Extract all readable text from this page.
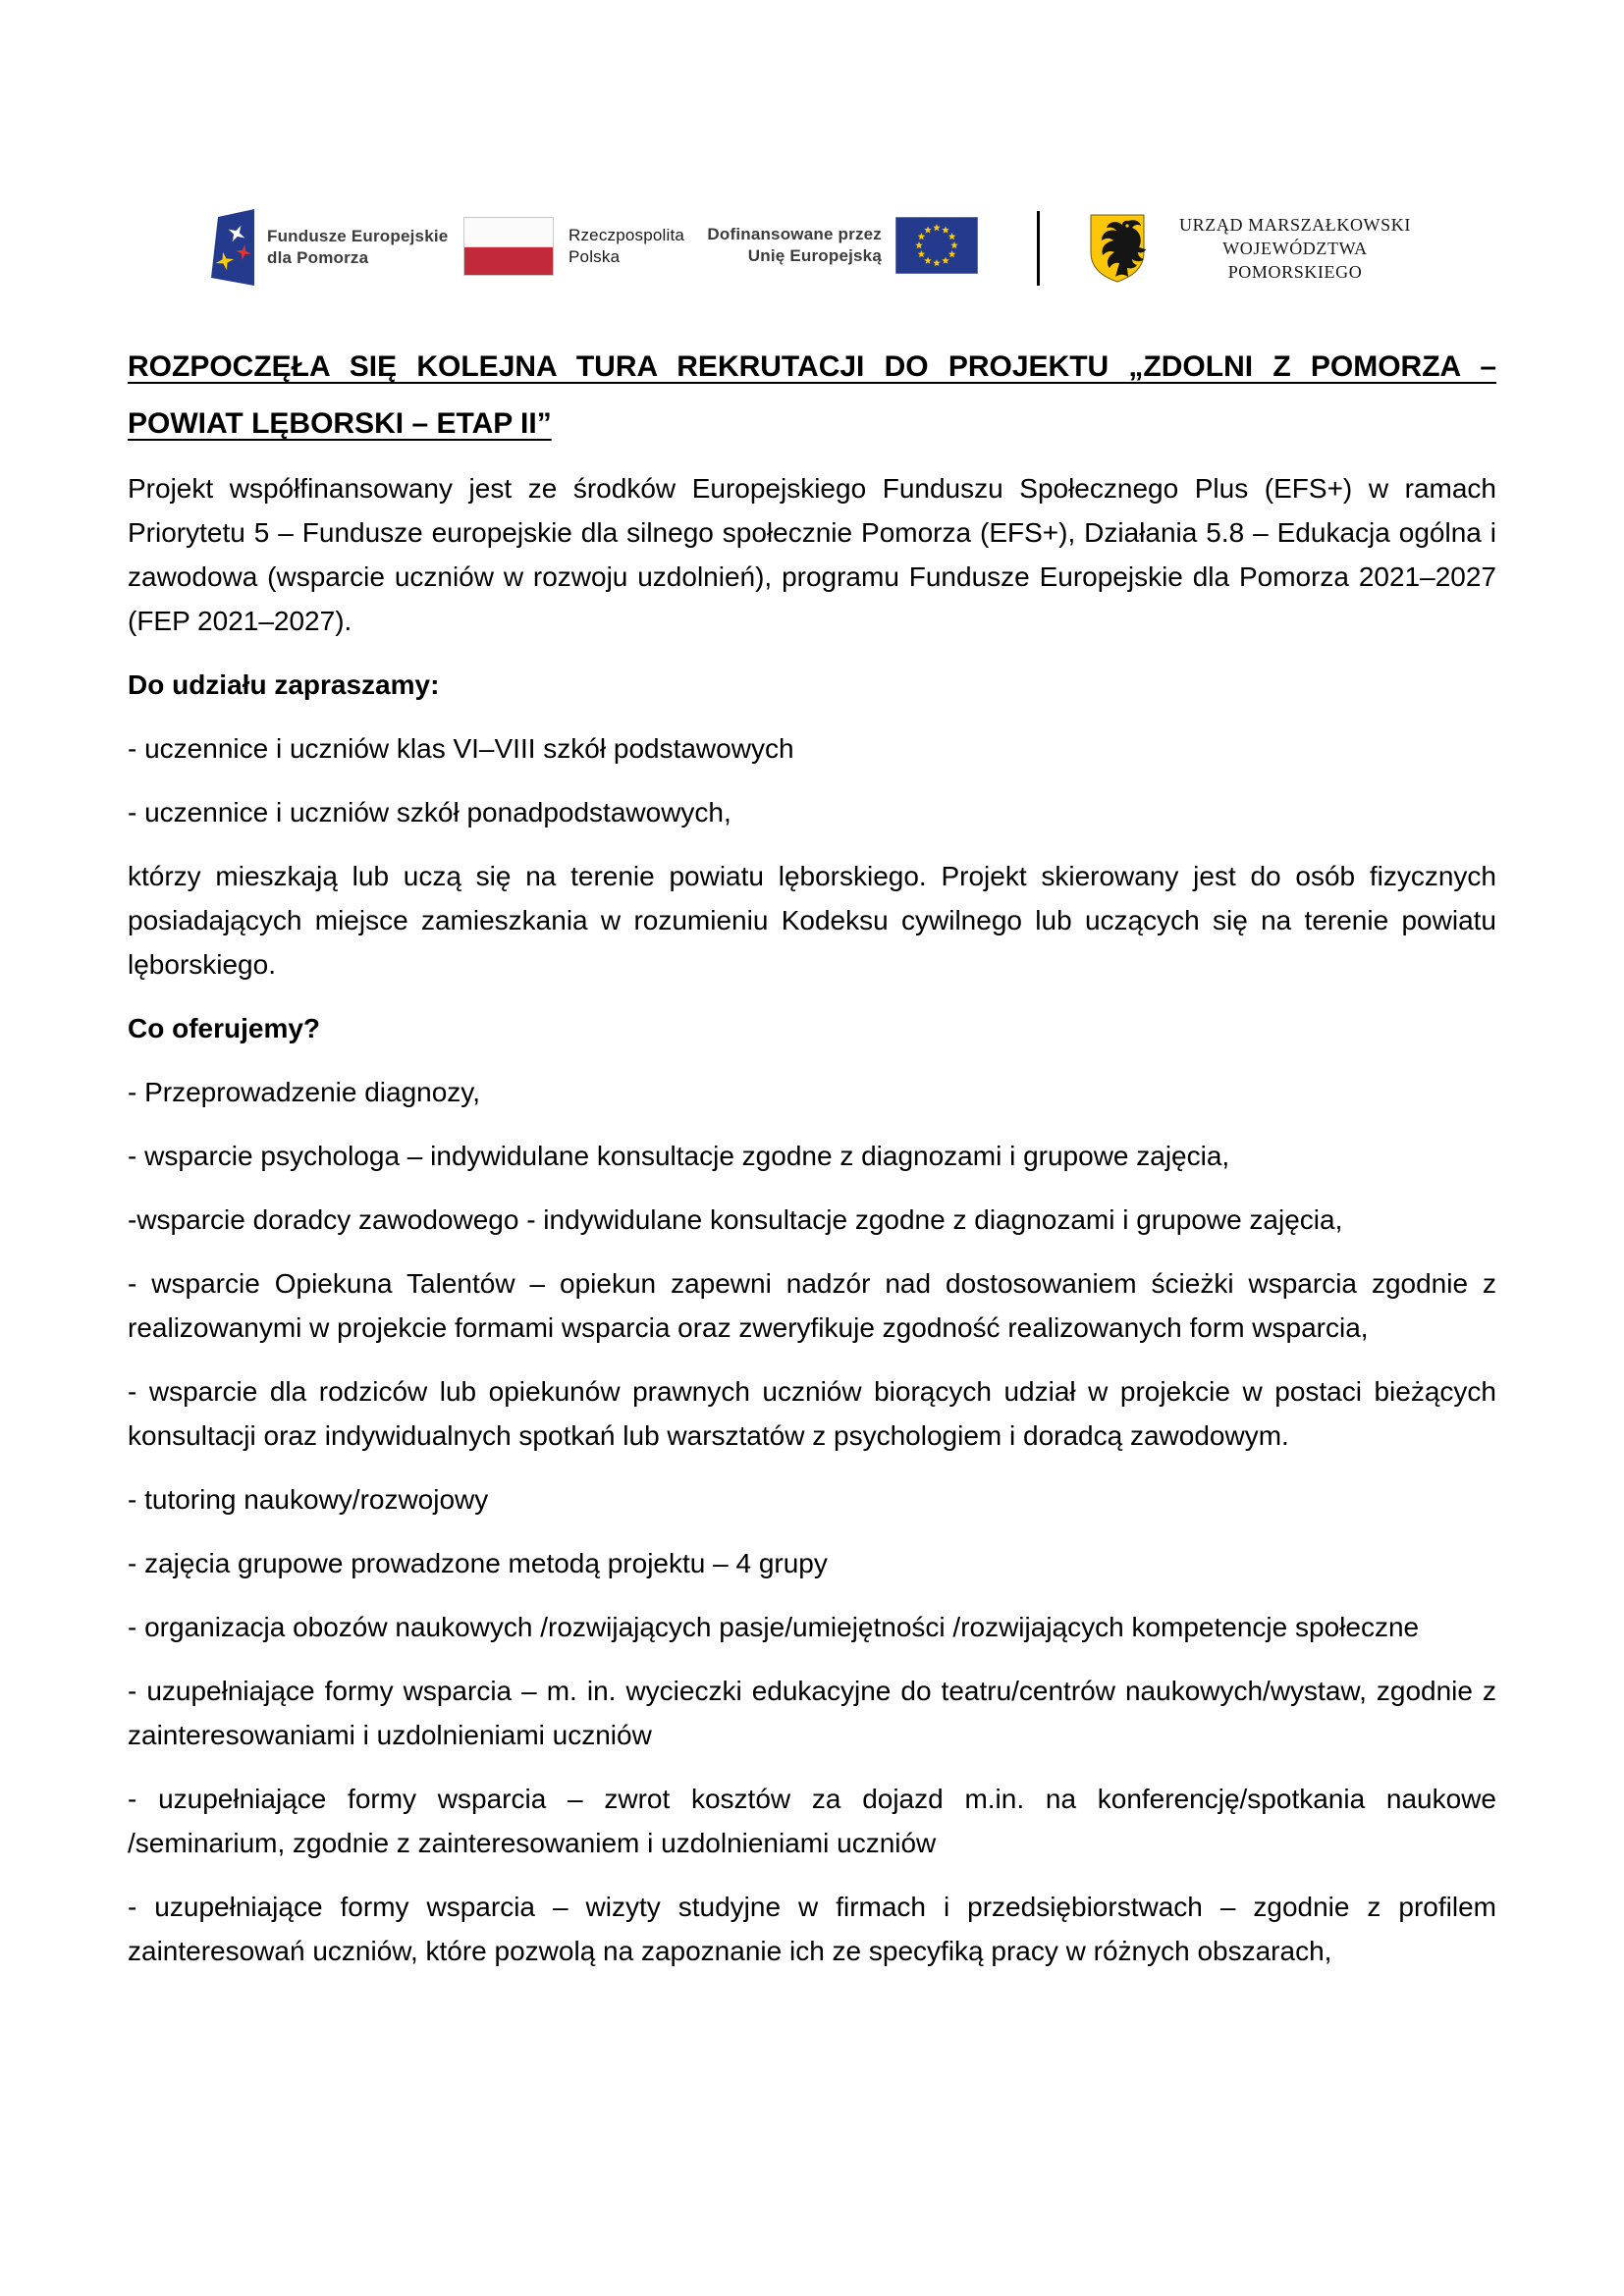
Fundusze Europejskie
dla Pomorza
Rzeczpospolita
Polska
Dofinansowane przez
Unię Europejską
URZĄD MARSZAŁKOWSKI
WOJEWÓDZTWA POMORSKIEGO
ROZPOCZĘŁA SIĘ KOLEJNA TURA REKRUTACJI DO PROJEKTU „ZDOLNI Z POMORZA – POWIAT LĘBORSKI – ETAP II”

Projekt współfinansowany jest ze środków Europejskiego Funduszu Społecznego Plus (EFS+) w ramach Priorytetu 5 – Fundusze europejskie dla silnego społecznie Pomorza (EFS+), Działania 5.8 – Edukacja ogólna i zawodowa (wsparcie uczniów w rozwoju uzdolnień), programu Fundusze Europejskie dla Pomorza 2021–2027 (FEP 2021–2027).

Do udziału zapraszamy:

- uczennice i uczniów klas VI–VIII szkół podstawowych

- uczennice i uczniów szkół ponadpodstawowych,

którzy mieszkają lub uczą się na terenie powiatu lęborskiego. Projekt skierowany jest do osób fizycznych posiadających miejsce zamieszkania w rozumieniu Kodeksu cywilnego lub uczących się na terenie powiatu lęborskiego.

Co oferujemy?

- Przeprowadzenie diagnozy,

- wsparcie psychologa – indywidulane konsultacje zgodne z diagnozami i grupowe zajęcia,

-wsparcie doradcy zawodowego - indywidulane konsultacje zgodne z diagnozami i grupowe zajęcia,

- wsparcie Opiekuna Talentów – opiekun zapewni nadzór nad dostosowaniem ścieżki wsparcia zgodnie z realizowanymi w projekcie formami wsparcia oraz zweryfikuje zgodność realizowanych form wsparcia,

- wsparcie dla rodziców lub opiekunów prawnych uczniów biorących udział w projekcie w postaci bieżących konsultacji oraz indywidualnych spotkań lub warsztatów z psychologiem i doradcą zawodowym.

- tutoring naukowy/rozwojowy

- zajęcia grupowe prowadzone metodą projektu – 4 grupy

- organizacja obozów naukowych /rozwijających pasje/umiejętności /rozwijających kompetencje społeczne

- uzupełniające formy wsparcia – m. in. wycieczki edukacyjne do teatru/centrów naukowych/wystaw, zgodnie z zainteresowaniami i uzdolnieniami uczniów

- uzupełniające formy wsparcia – zwrot kosztów za dojazd m.in. na konferencję/spotkania naukowe /seminarium, zgodnie z zainteresowaniem i uzdolnieniami uczniów

- uzupełniające formy wsparcia – wizyty studyjne w firmach i przedsiębiorstwach – zgodnie z profilem zainteresowań uczniów, które pozwolą na zapoznanie ich ze specyfiką pracy w różnych obszarach,
